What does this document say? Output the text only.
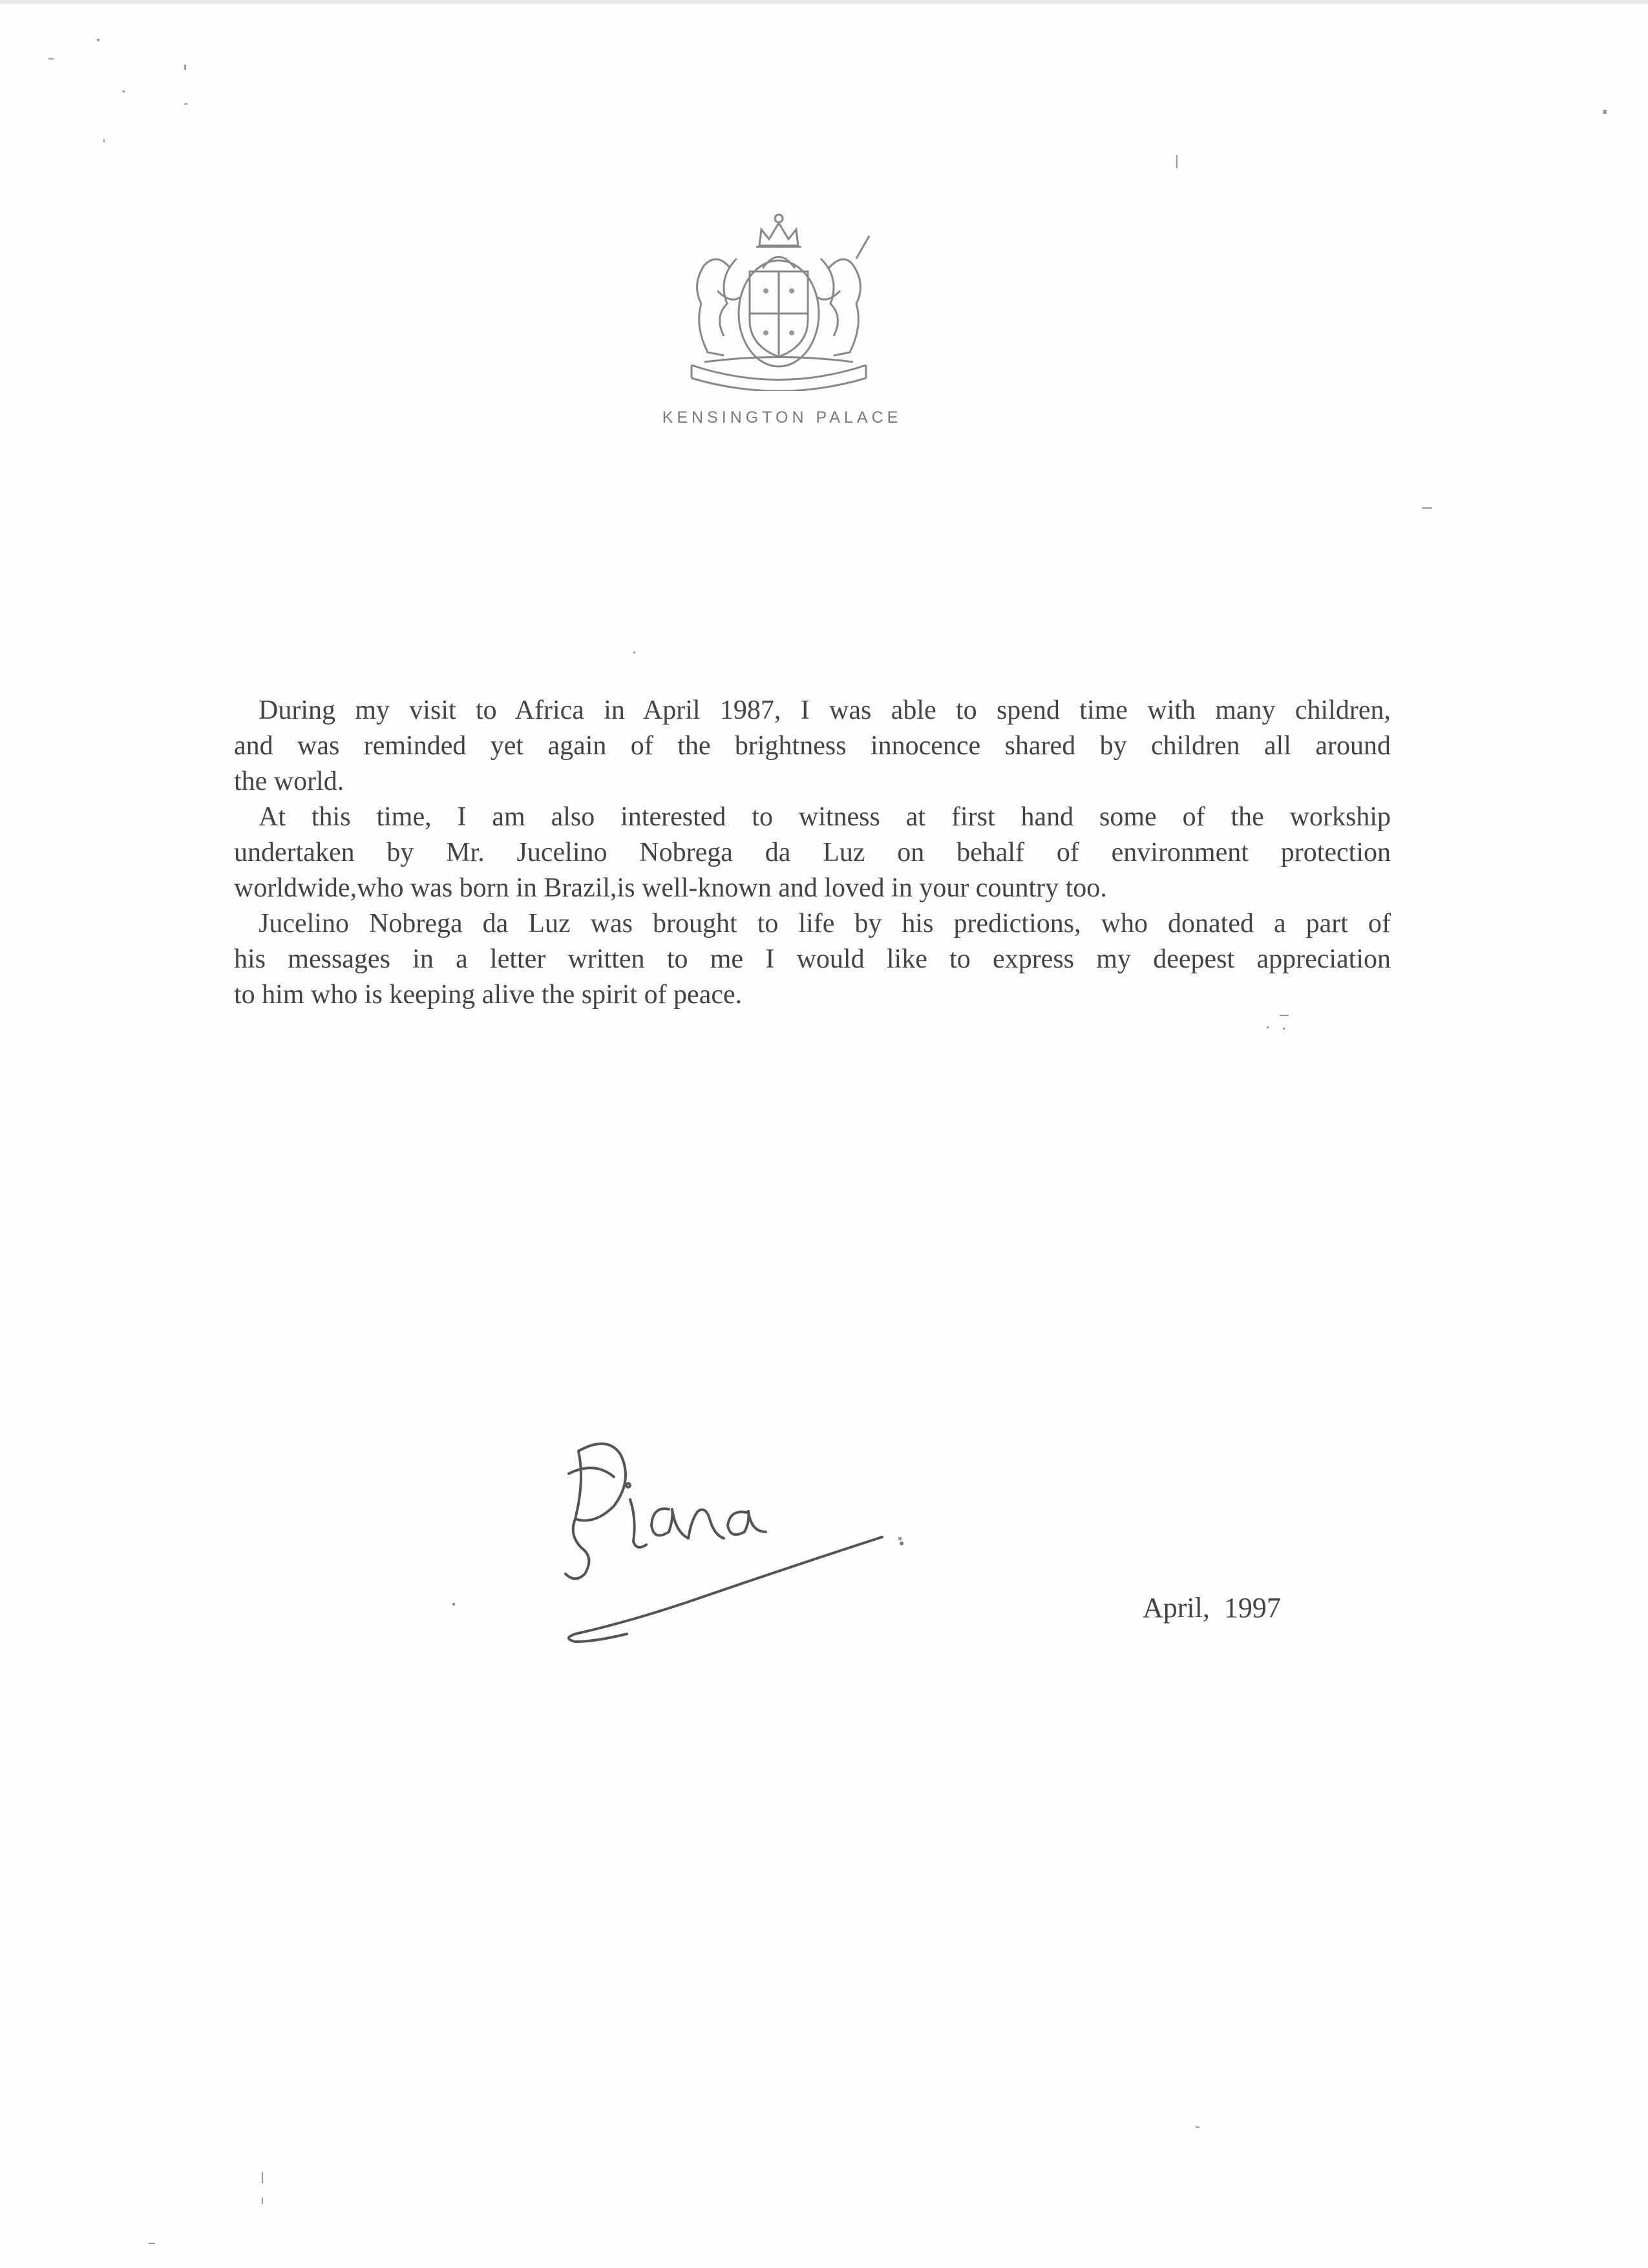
KENSINGTON PALACE

During my visit to Africa in April 1987, I was able to spend time with many children,
and was reminded yet again of the brightness innocence shared by children all around
the world.

At this time, I am also interested to witness at first hand some of the workship
undertaken by Mr. Jucelino Nobrega da Luz on behalf of environment protection
worldwide,who was born in Brazil,is well-known and loved in your country too.

Jucelino Nobrega da Luz was brought to life by his predictions, who donated a part of
his messages in a letter written to me I would like to express my deepest appreciation
to him who is keeping alive the spirit of peace.

April, 1997
